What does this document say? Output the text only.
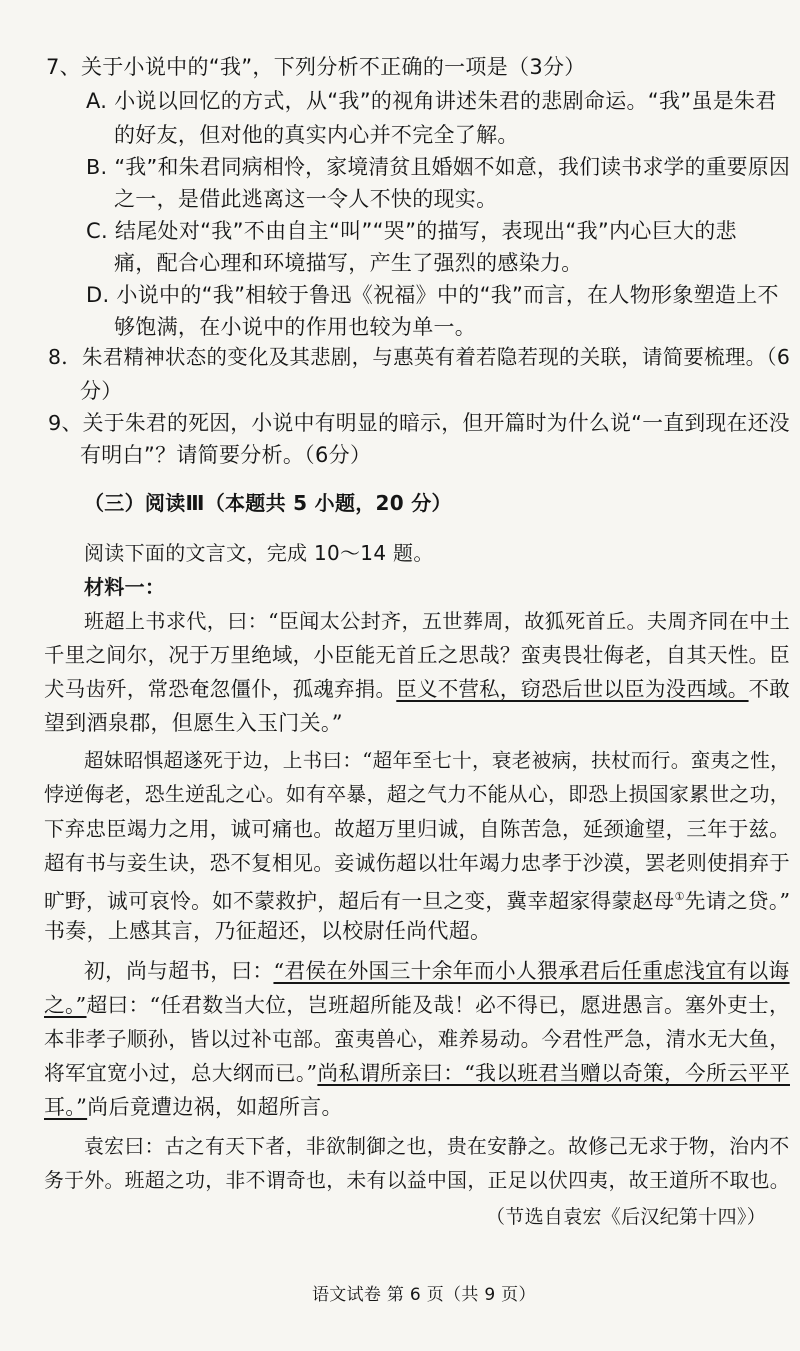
7、关于小说中的“我”，下列分析不正确的一项是（3分）
A. 小说以回忆的方式，从“我”的视角讲述朱君的悲剧命运。“我”虽是朱君
的好友，但对他的真实内心并不完全了解。
B. “我”和朱君同病相怜，家境清贫且婚姻不如意，我们读书求学的重要原因
之一，是借此逃离这一令人不快的现实。
C. 结尾处对“我”不由自主“叫”“哭”的描写，表现出“我”内心巨大的悲
痛，配合心理和环境描写，产生了强烈的感染力。
D. 小说中的“我”相较于鲁迅《祝福》中的“我”而言，在人物形象塑造上不
够饱满，在小说中的作用也较为单一。
8．朱君精神状态的变化及其悲剧，与惠英有着若隐若现的关联，请简要梳理。（6
分）
9、关于朱君的死因，小说中有明显的暗示，但开篇时为什么说“一直到现在还没
有明白”？请简要分析。（6分）
（三）阅读Ⅲ（本题共 5 小题，20 分）
阅读下面的文言文，完成 10～14 题。
材料一：
班超上书求代，曰：“臣闻太公封齐，五世葬周，故狐死首丘。夫周齐同在中土
千里之间尔，况于万里绝域，小臣能无首丘之思哉？蛮夷畏壮侮老，自其天性。臣
犬马齿歼，常恐奄忽僵仆，孤魂弃捐。臣义不营私，窃恐后世以臣为没西域。不敢
望到酒泉郡，但愿生入玉门关。”
超妹昭惧超遂死于边，上书曰：“超年至七十，衰老被病，扶杖而行。蛮夷之性，
悖逆侮老，恐生逆乱之心。如有卒暴，超之气力不能从心，即恐上损国家累世之功，
下弃忠臣竭力之用，诚可痛也。故超万里归诚，自陈苦急，延颈逾望，三年于兹。
超有书与妾生诀，恐不复相见。妾诚伤超以壮年竭力忠孝于沙漠，罢老则使捐弃于
旷野，诚可哀怜。如不蒙救护，超后有一旦之变，冀幸超家得蒙赵母①先请之贷。”
书奏，上感其言，乃征超还，以校尉任尚代超。
初，尚与超书，曰：“君侯在外国三十余年而小人猥承君后任重虑浅宜有以诲
之。”超曰：“任君数当大位，岂班超所能及哉！必不得已，愿进愚言。塞外吏士，
本非孝子顺孙，皆以过补屯部。蛮夷兽心，难养易动。今君性严急，清水无大鱼，
将军宜宽小过，总大纲而已。”尚私谓所亲曰：“我以班君当赠以奇策，今所云平平
耳。”尚后竟遭边祸，如超所言。
袁宏曰：古之有天下者，非欲制御之也，贵在安静之。故修己无求于物，治内不
务于外。班超之功，非不谓奇也，未有以益中国，正足以伏四夷，故王道所不取也。
（节选自袁宏《后汉纪第十四》）
语文试卷 第 6 页（共 9 页）
